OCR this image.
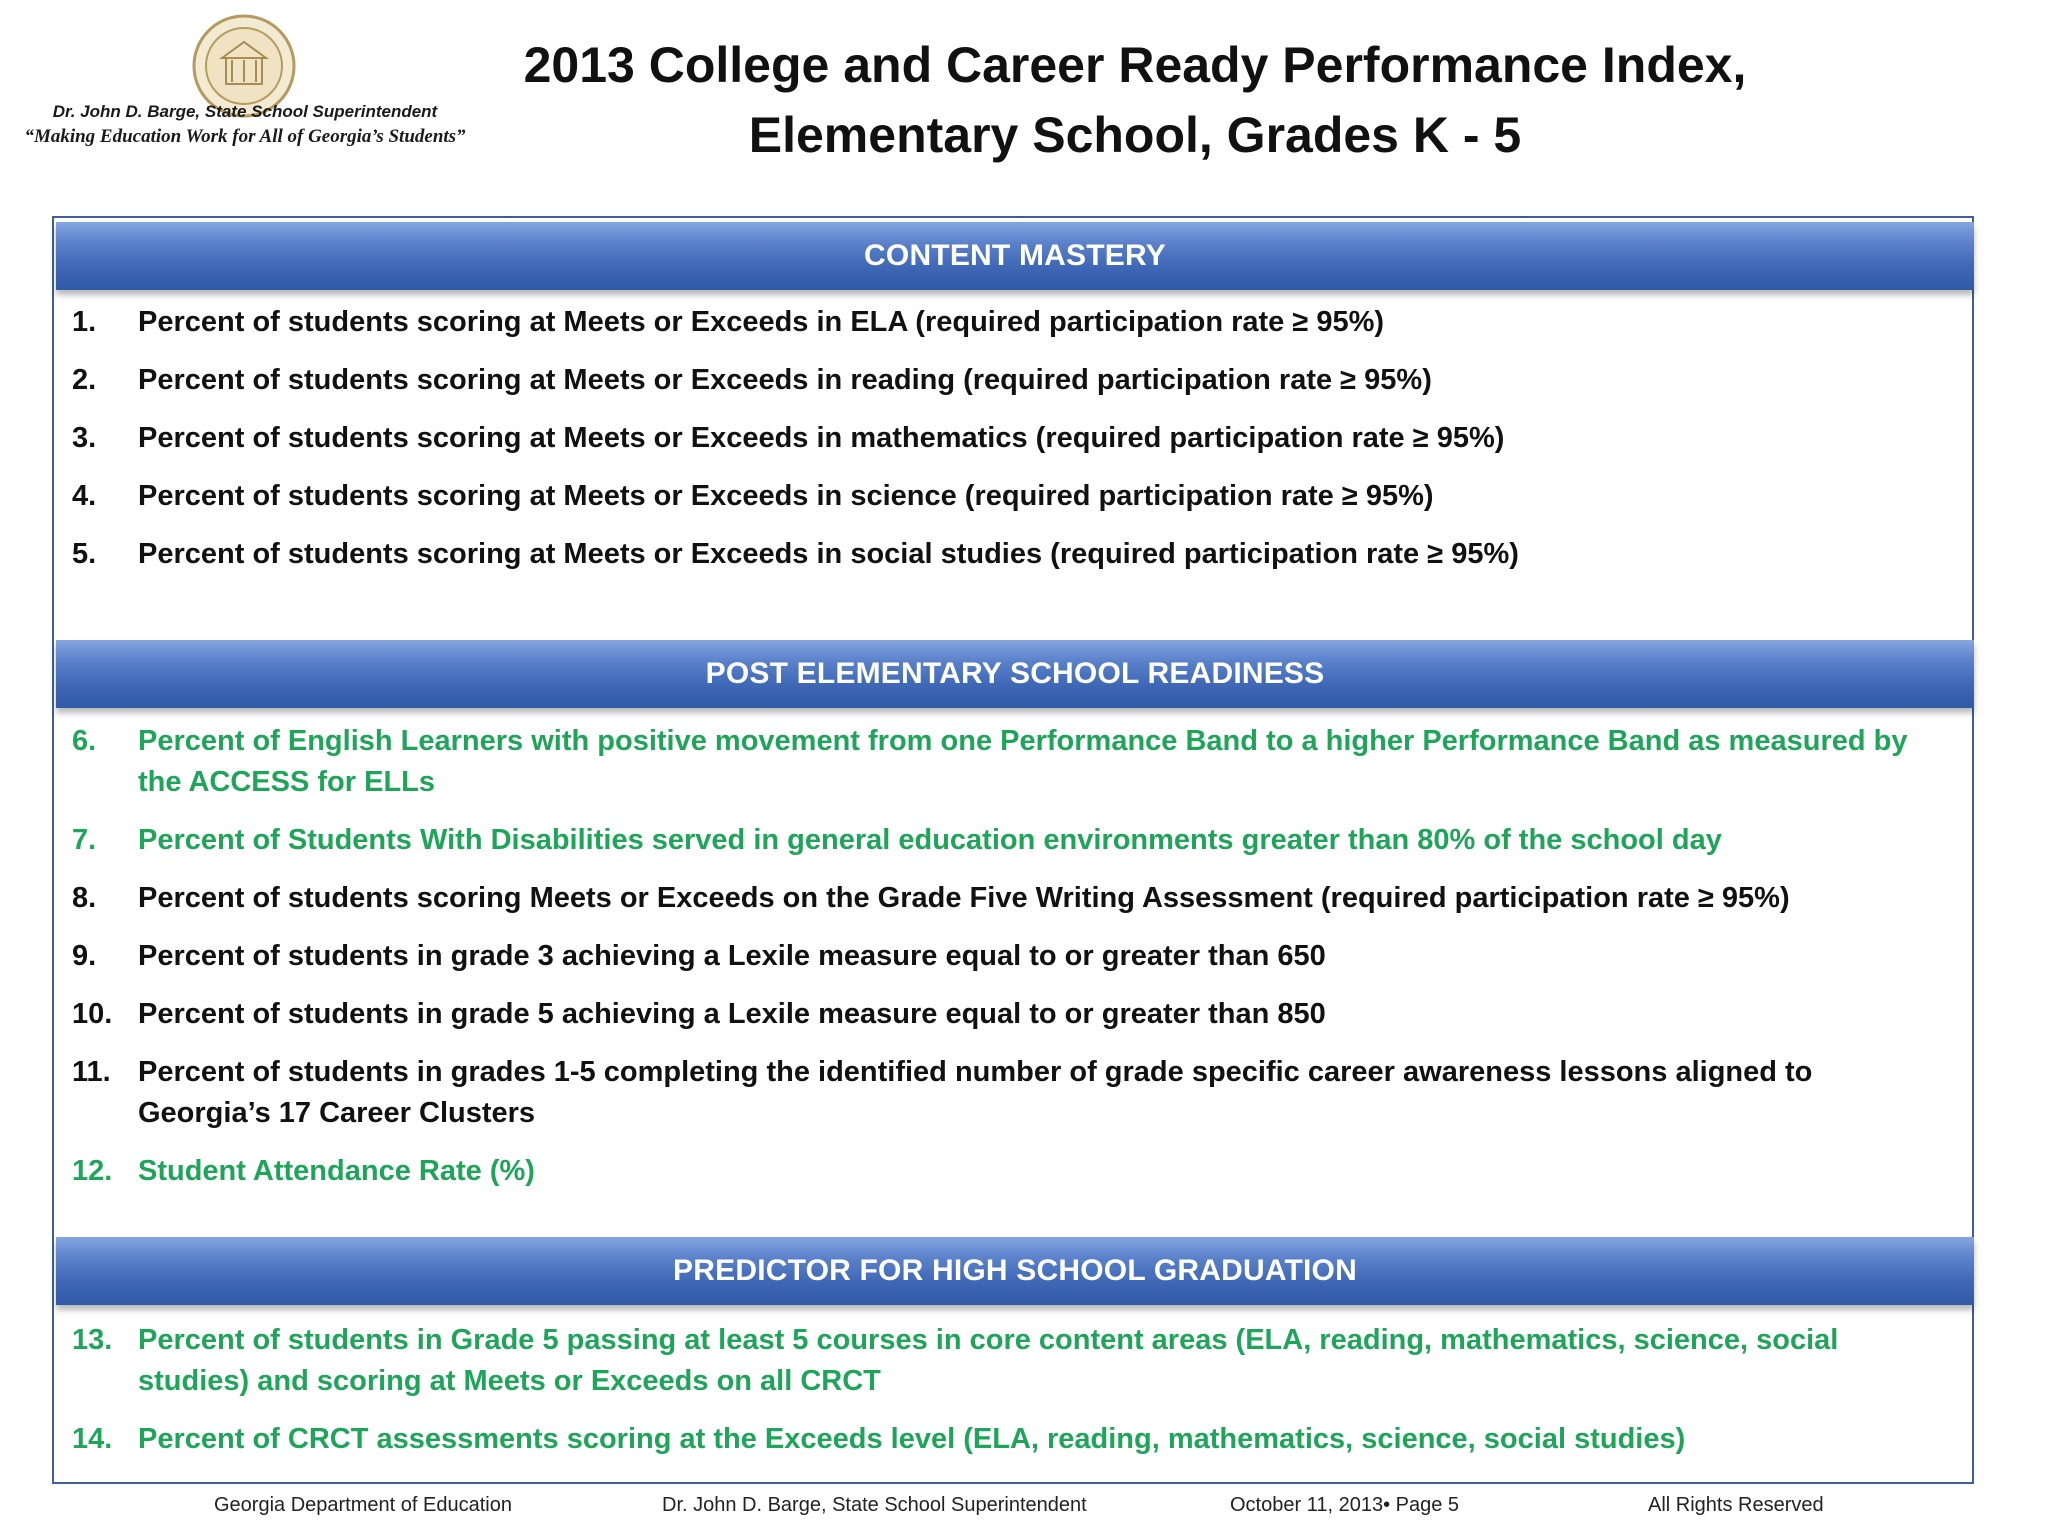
Dr. John D. Barge, State School Superintendent
“Making Education Work for All of Georgia’s Students”
2013 College and Career Ready Performance Index,
Elementary School, Grades K - 5
CONTENT MASTERY
1. Percent of students scoring at Meets or Exceeds in ELA (required participation rate ≥ 95%)
2. Percent of students scoring at Meets or Exceeds in reading (required participation rate ≥ 95%)
3. Percent of students scoring at Meets or Exceeds in mathematics (required participation rate ≥ 95%)
4. Percent of students scoring at Meets or Exceeds in science (required participation rate ≥ 95%)
5. Percent of students scoring at Meets or Exceeds in social studies (required participation rate ≥ 95%)
POST ELEMENTARY SCHOOL READINESS
6. Percent of English Learners with positive movement from one Performance Band to a higher Performance Band as measured by the ACCESS for ELLs
7. Percent of Students With Disabilities served in general education environments greater than 80% of the school day
8. Percent of students scoring Meets or Exceeds on the Grade Five Writing Assessment (required participation rate ≥ 95%)
9. Percent of students in grade 3 achieving a Lexile measure equal to or greater than 650
10. Percent of students in grade 5 achieving a Lexile measure equal to or greater than 850
11. Percent of students in grades 1-5 completing the identified number of grade specific career awareness lessons aligned to Georgia’s 17 Career Clusters
12. Student Attendance Rate (%)
PREDICTOR FOR HIGH SCHOOL GRADUATION
13. Percent of students in Grade 5 passing at least 5 courses in core content areas (ELA, reading, mathematics, science, social studies) and scoring at Meets or Exceeds on all CRCT
14. Percent of CRCT assessments scoring at the Exceeds level (ELA, reading, mathematics, science, social studies)
Georgia Department of Education	Dr. John D. Barge, State School Superintendent	October 11, 2013• Page 5	All Rights Reserved
